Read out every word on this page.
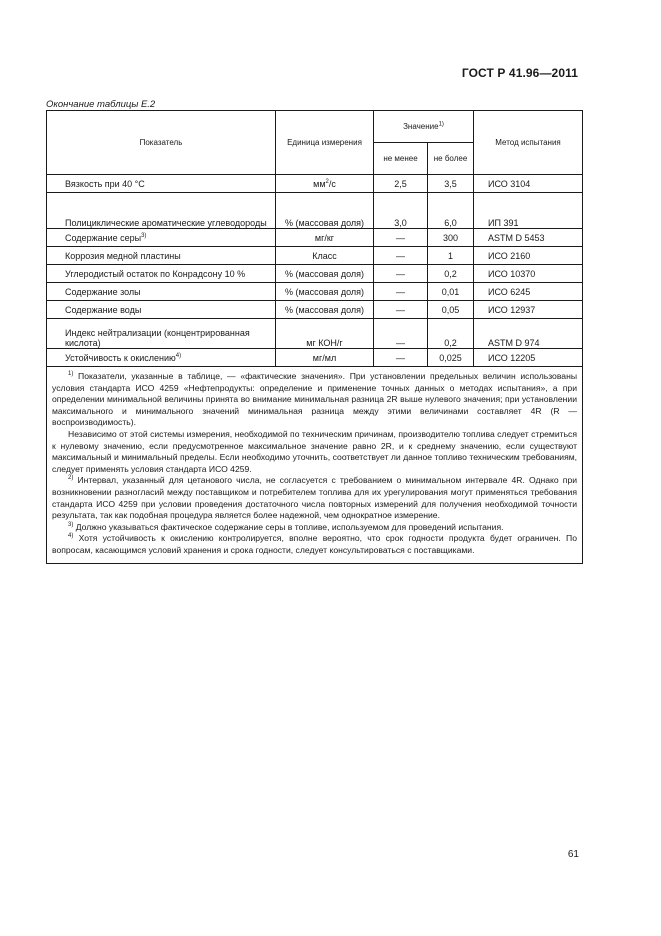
ГОСТ Р 41.96—2011
Окончание таблицы Е.2
Показатель	Единица измерения	Значение$^{1)}$		Метод испытания
		не менее	не более	
Вязкость при 40 °C	$мм^2/с$	2,5	3,5	ИСО 3104
Полициклические ароматические углеводороды	% (массовая доля)	3,0	6,0	ИП 391
Содержание серы$^{3)}$	мг/кг	—	300	ASTM D 5453
Коррозия медной пластины	Класс	—	1	ИСО 2160
Углеродистый остаток по Конрадсону 10 %	% (массовая доля)	—	0,2	ИСО 10370
Содержание золы	% (массовая доля)	—	0,01	ИСО 6245
Содержание воды	% (массовая доля)	—	0,05	ИСО 12937
Индекс нейтрализации (концентрированная кислота)	мг КОН/г	—	0,2	ASTM D 974
Устойчивость к окислению$^{4)}$	мг/мл	—	0,025	ИСО 12205

$^{1)}$ Показатели, указанные в таблице, — «фактические значения». При установлении предельных величин использованы условия стандарта ИСО 4259 «Нефтепродукты: определение и применение точных данных о методах испытания», а при определении минимальной величины принята во внимание минимальная разница 2R выше нулевого значения; при установлении максимального и минимального значений минимальная разница между этими величинами составляет 4R (R — воспроизводимость).

Независимо от этой системы измерения, необходимой по техническим причинам, производителю топлива следует стремиться к нулевому значению, если предусмотренное максимальное значение равно 2R, и к среднему значению, если существуют максимальный и минимальный пределы. Если необходимо уточнить, соответствует ли данное топливо техническим требованиям, следует применять условия стандарта ИСО 4259.

$^{2)}$ Интервал, указанный для цетанового числа, не согласуется с требованием о минимальном интервале 4R. Однако при возникновении разногласий между поставщиком и потребителем топлива для их урегулирования могут применяться требования стандарта ИСО 4259 при условии проведения достаточного числа повторных измерений для получения необходимой точности результата, так как подобная процедура является более надежной, чем однократное измерение.

$^{3)}$ Должно указываться фактическое содержание серы в топливе, используемом для проведений испытания.

$^{4)}$ Хотя устойчивость к окислению контролируется, вполне вероятно, что срок годности продукта будет ограничен. По вопросам, касающимся условий хранения и срока годности, следует консультироваться с поставщиками.				

61
